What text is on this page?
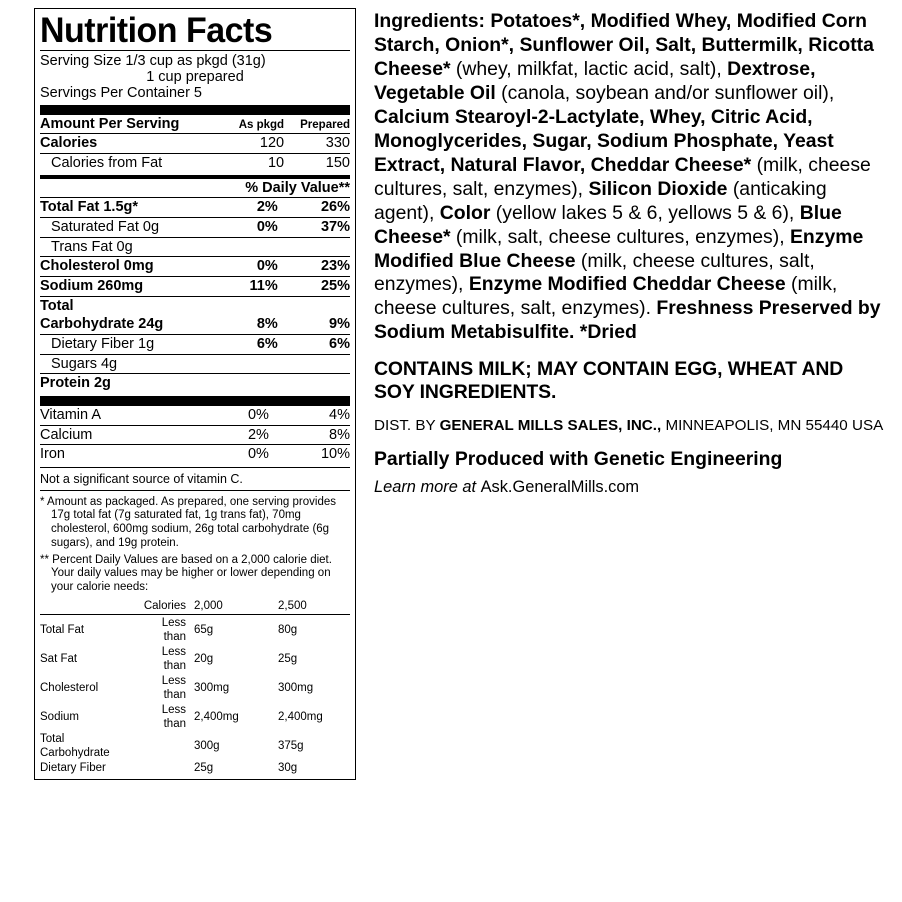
Nutrition Facts
Serving Size 1/3 cup as pkgd (31g)
1 cup prepared
Servings Per Container 5
Amount Per Serving	As pkgd	Prepared
Calories	120	330
Calories from Fat	10	150
	% Daily Value**	
Total Fat 1.5g*	2%	26%
Saturated Fat 0g	0%	37%
Trans Fat 0g		
Cholesterol 0mg	0%	23%
Sodium 260mg	11%	25%
Total		
Carbohydrate 24g	8%	9%
Dietary Fiber 1g	6%	6%
Sugars 4g		
Protein 2g		
Vitamin A	0%	4%
Calcium	2%	8%
Iron	0%	10%
Not a significant source of vitamin C.

* Amount as packaged. As prepared, one serving provides 17g total fat (7g saturated fat, 1g trans fat), 70mg cholesterol, 600mg sodium, 26g total carbohydrate (6g sugars), and 19g protein.

** Percent Daily Values are based on a 2,000 calorie diet. Your daily values may be higher or lower depending on your calorie needs:

	Calories	2,000	2,500
Total Fat	Less than	65g	80g
Sat Fat	Less than	20g	25g
Cholesterol	Less than	300mg	300mg
Sodium	Less than	2,400mg	2,400mg
Total Carbohydrate		300g	375g
Dietary Fiber		25g	30g
Ingredients: Potatoes*, Modified Whey, Modified Corn Starch, Onion*, Sunflower Oil, Salt, Buttermilk, Ricotta Cheese* (whey, milkfat, lactic acid, salt), Dextrose, Vegetable Oil (canola, soybean and/or sunflower oil), Calcium Stearoyl-2-Lactylate, Whey, Citric Acid, Monoglycerides, Sugar, Sodium Phosphate, Yeast Extract, Natural Flavor, Cheddar Cheese* (milk, cheese cultures, salt, enzymes), Silicon Dioxide (anticaking agent), Color (yellow lakes 5 & 6, yellows 5 & 6), Blue Cheese* (milk, salt, cheese cultures, enzymes), Enzyme Modified Blue Cheese (milk, cheese cultures, salt, enzymes), Enzyme Modified Cheddar Cheese (milk, cheese cultures, salt, enzymes). Freshness Preserved by Sodium Metabisulfite. *Dried
CONTAINS MILK; MAY CONTAIN EGG, WHEAT AND SOY INGREDIENTS.
DIST. BY GENERAL MILLS SALES, INC., MINNEAPOLIS, MN 55440 USA
Partially Produced with Genetic Engineering
Learn more at Ask.GeneralMills.com
